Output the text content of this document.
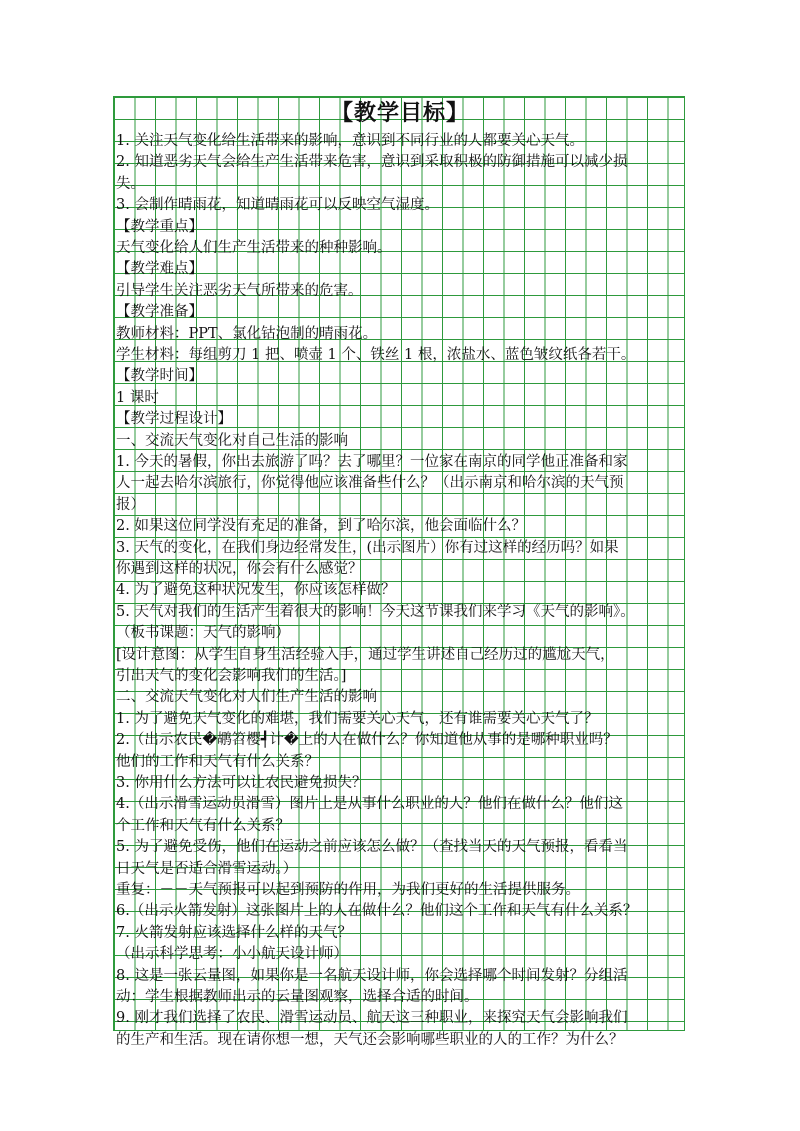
【教学目标】
1. 关注天气变化给生活带来的影响，意识到不同行业的人都要关心天气。
2. 知道恶劣天气会给生产生活带来危害，意识到采取积极的防御措施可以减少损
失。
3. 会制作晴雨花，知道晴雨花可以反映空气湿度。
【教学重点】
天气变化给人们生产生活带来的种种影响。
【教学难点】
引导学生关注恶劣天气所带来的危害。
【教学准备】
教师材料：PPT、氯化钴泡制的晴雨花。
学生材料：每组剪刀 1 把、喷壶 1 个、铁丝 1 根，浓盐水、蓝色皱纹纸各若干。
【教学时间】
1 课时
【教学过程设计】
一、交流天气变化对自己生活的影响
1. 今天的暑假，你出去旅游了吗？去了哪里？一位家在南京的同学他正准备和家
人一起去哈尔滨旅行，你觉得他应该准备些什么？（出示南京和哈尔滨的天气预
报）
2. 如果这位同学没有充足的准备，到了哈尔滨，他会面临什么？
3. 天气的变化，在我们身边经常发生，(出示图片）你有过这样的经历吗？如果
你遇到这样的状况，你会有什么感觉？
4. 为了避免这种状况发生，你应该怎样做？
5. 天气对我们的生活产生着很大的影响！今天这节课我们来学习《天气的影响》。
（板书课题：天气的影响）
[设计意图：从学生自身生活经验入手，通过学生讲述自己经历过的尴尬天气，
引出天气的变化会影响我们的生活。]
二、交流天气变化对人们生产生活的影响
1. 为了避免天气变化的难堪，我们需要关心天气，还有谁需要关心天气了？
2.（出示农民�鹕笤樱┩计�上的人在做什么？你知道他从事的是哪种职业吗？
他们的工作和天气有什么关系？
3. 你用什么方法可以让农民避免损失？
4.（出示滑雪运动员滑雪）图片上是从事什么职业的人？他们在做什么？他们这
个工作和天气有什么关系？
5. 为了避免受伤，他们在运动之前应该怎么做？（查找当天的天气预报，看看当
日天气是否适合滑雪运动。）
重复：－－天气预报可以起到预防的作用，为我们更好的生活提供服务。
6.（出示火箭发射）这张图片上的人在做什么？他们这个工作和天气有什么关系？
7. 火箭发射应该选择什么样的天气？
（出示科学思考：小小航天设计师）
8. 这是一张云量图，如果你是一名航天设计师，你会选择哪个时间发射？分组活
动：学生根据教师出示的云量图观察，选择合适的时间。
9. 刚才我们选择了农民、滑雪运动员、航天这三种职业，来探究天气会影响我们
的生产和生活。现在请你想一想，天气还会影响哪些职业的人的工作？为什么？
